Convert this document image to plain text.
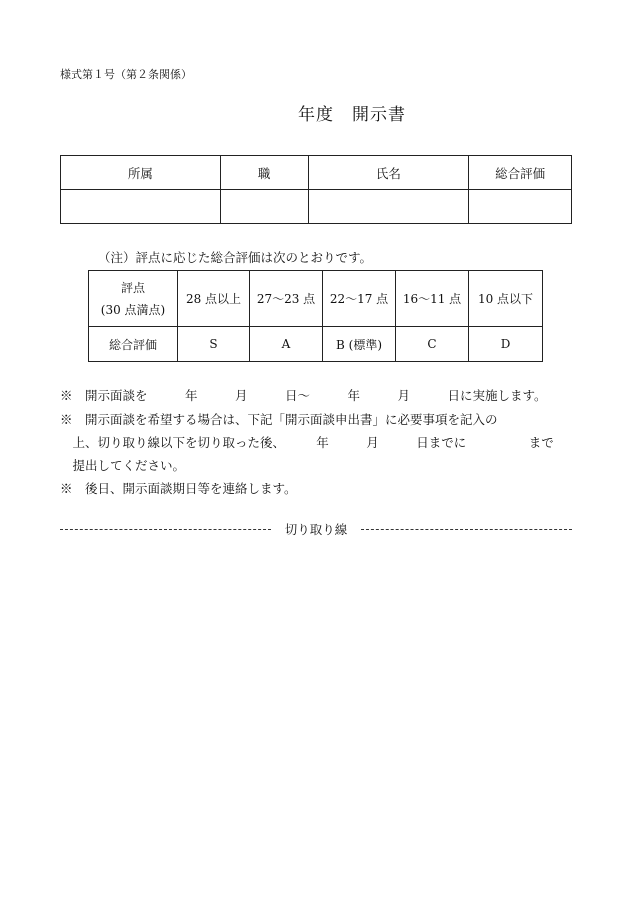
様式第１号（第２条関係）
年度　開示書
所属	職	氏名	総合評価

（注）評点に応じた総合評価は次のとおりです。
評点
(30 点満点)	28 点以上	27〜23 点	22〜17 点	16〜11 点	10 点以下
総合評価	S	A	B (標準)	C	D
※　開示面談を　　　年　　　月　　　日〜　　　年　　　月　　　日に実施します。
※　開示面談を希望する場合は、下記「開示面談申出書」に必要事項を記入の
　上、切り取り線以下を切り取った後、　　　年　　　月　　　日までに　　　　　まで
　提出してください。
※　後日、開示面談期日等を連絡します。
切り取り線
